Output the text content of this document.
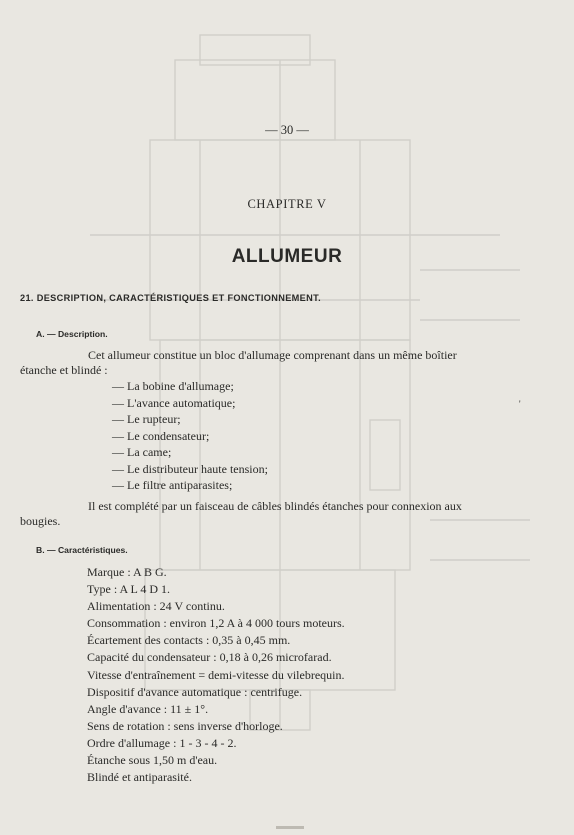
— 30 —
CHAPITRE V
ALLUMEUR
21. DESCRIPTION, CARACTÉRISTIQUES ET FONCTIONNEMENT.
A. — Description.
Cet allumeur constitue un bloc d'allumage comprenant dans un même boîtier
étanche et blindé :
— La bobine d'allumage;
— L'avance automatique;
— Le rupteur;
— Le condensateur;
— La came;
— Le distributeur haute tension;
— Le filtre antiparasites;
'
Il est complété par un faisceau de câbles blindés étanches pour connexion aux
bougies.
B. — Caractéristiques.
Marque : A B G.
Type : A L 4 D 1.
Alimentation : 24 V continu.
Consommation : environ 1,2 A à 4 000 tours moteurs.
Écartement des contacts : 0,35 à 0,45 mm.
Capacité du condensateur : 0,18 à 0,26 microfarad.
Vitesse d'entraînement = demi-vitesse du vilebrequin.
Dispositif d'avance automatique : centrifuge.
Angle d'avance : 11 ± 1°.
Sens de rotation : sens inverse d'horloge.
Ordre d'allumage : 1 - 3 - 4 - 2.
Étanche sous 1,50 m d'eau.
Blindé et antiparasité.
